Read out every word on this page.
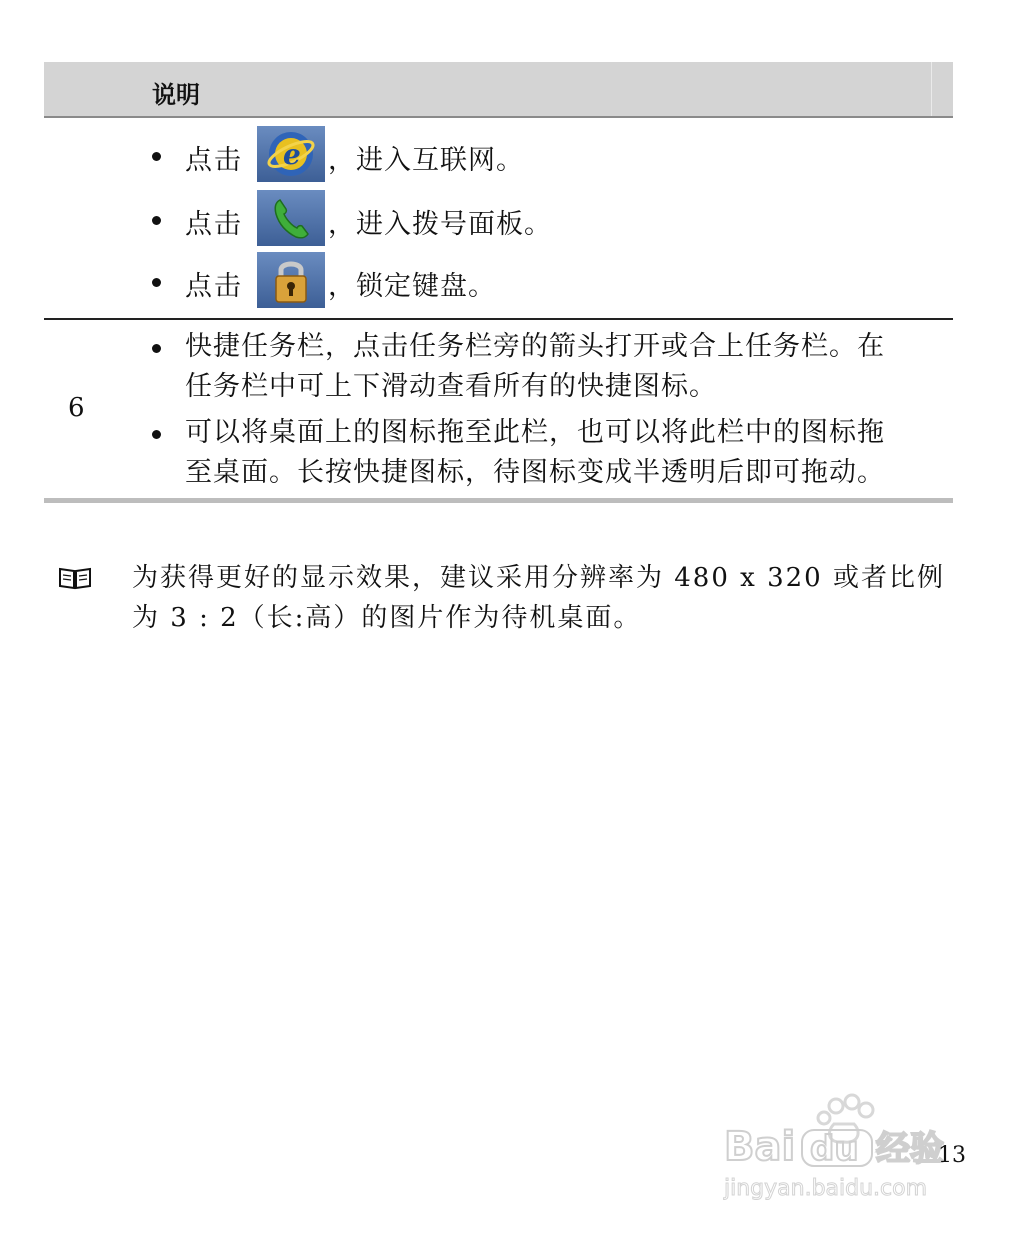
说明
点击 e ，进入互联网。
点击	，进入拨号面板。
点击	，锁定键盘。
6
快捷任务栏，点击任务栏旁的箭头打开或合上任务栏。在
任务栏中可上下滑动查看所有的快捷图标。
可以将桌面上的图标拖至此栏，也可以将此栏中的图标拖
至桌面。长按快捷图标，待图标变成半透明后即可拖动。
为获得更好的显示效果，建议采用分辨率为 480 x 320 或者比例
为 3 : 2（长:高）的图片作为待机桌面。
Bai du 经验
jingyan.baidu.com
13
